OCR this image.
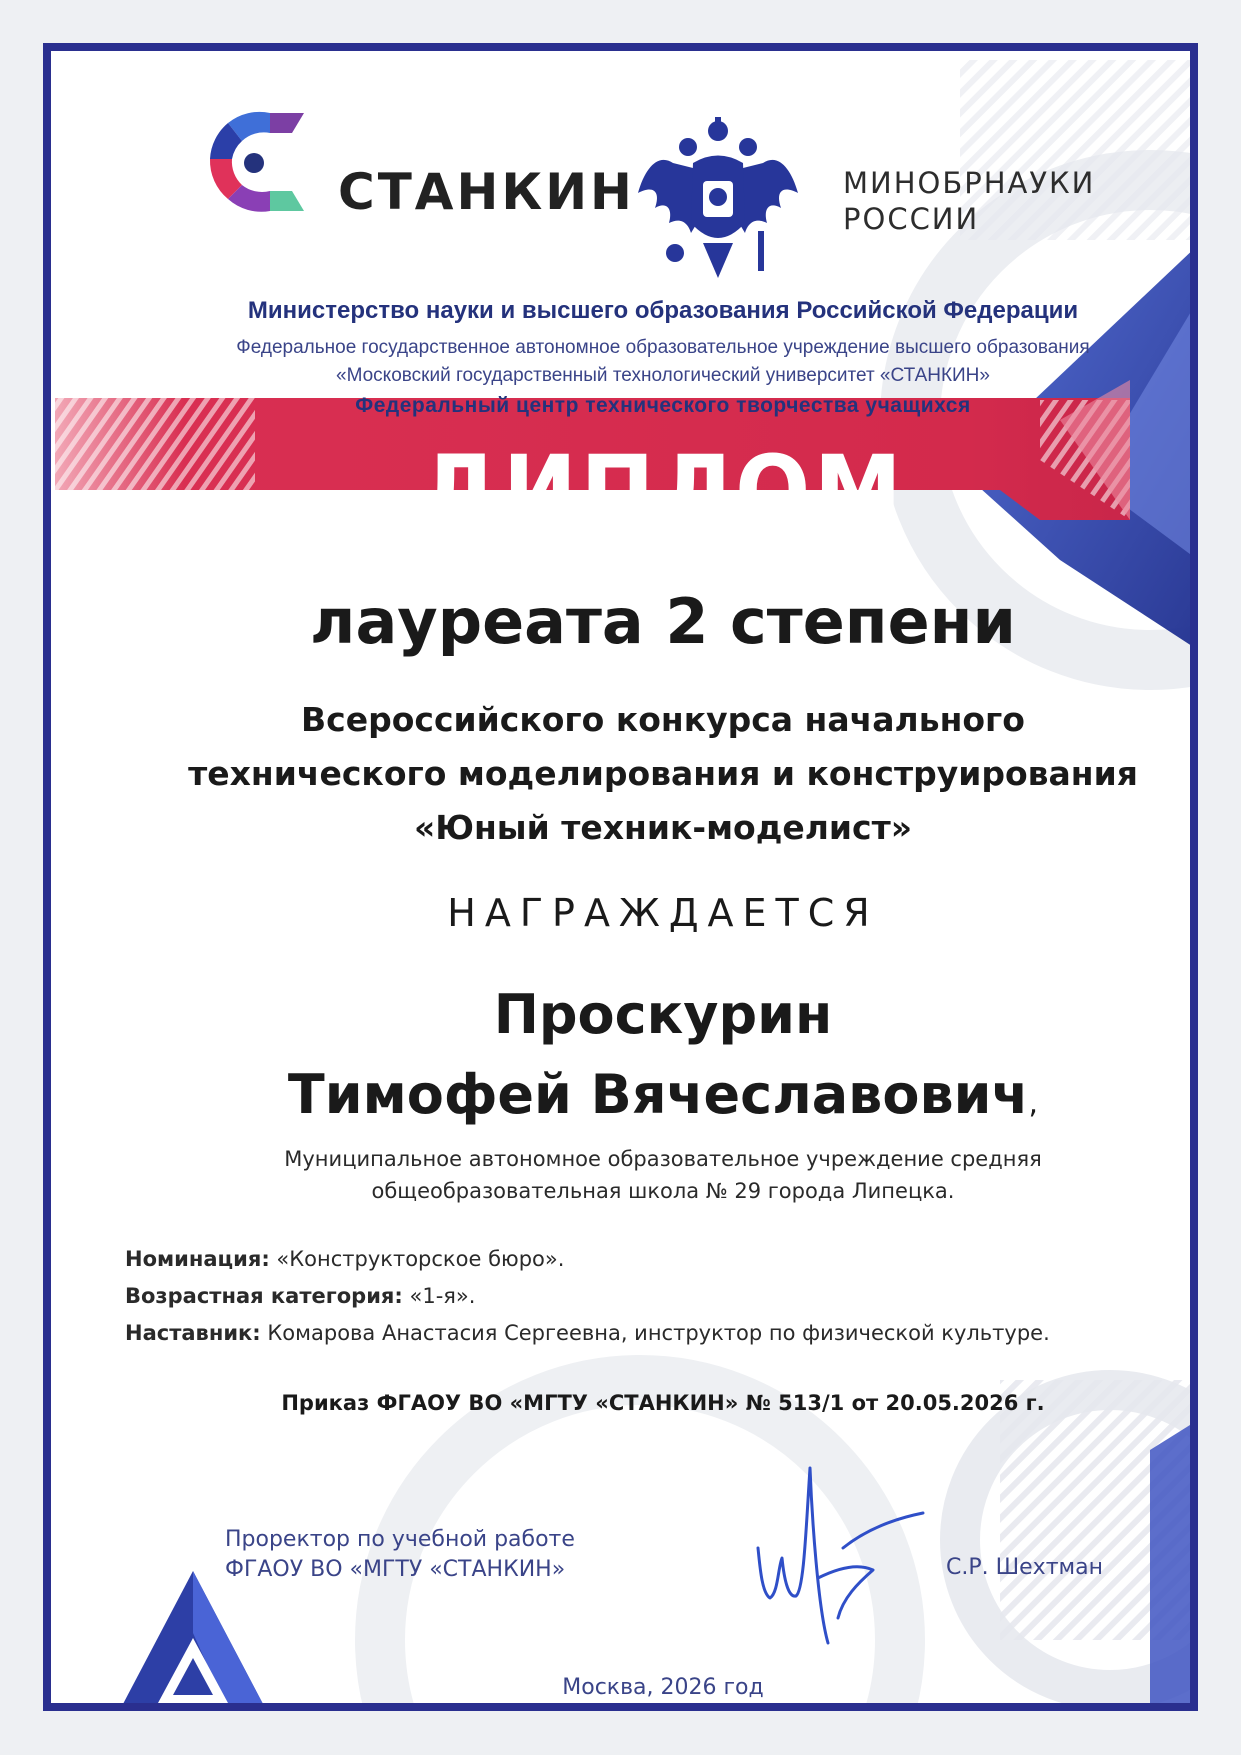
СТАНКИН	МИНОБРНАУКИ
РОССИИ
Министерство науки и высшего образования Российской Федерации
Федеральное государственное автономное образовательное учреждение высшего образования
«Московский государственный технологический университет «СТАНКИН»
Федеральный центр технического творчества учащихся
ДИПЛОМ
лауреата 2 степени
Всероссийского конкурса начального
технического моделирования и конструирования
«Юный техник-моделист»
НАГРАЖДАЕТСЯ
Проскурин
Тимофей Вячеславович,
Муниципальное автономное образовательное учреждение средняя
общеобразовательная школа № 29 города Липецка.
Номинация: «Конструкторское бюро».
Возрастная категория: «1-я».
Наставник: Комарова Анастасия Сергеевна, инструктор по физической культуре.
Приказ ФГАОУ ВО «МГТУ «СТАНКИН» № 513/1 от 20.05.2026 г.
Проректор по учебной работе
ФГАОУ ВО «МГТУ «СТАНКИН»	С.Р. Шехтман
Москва, 2026 год
